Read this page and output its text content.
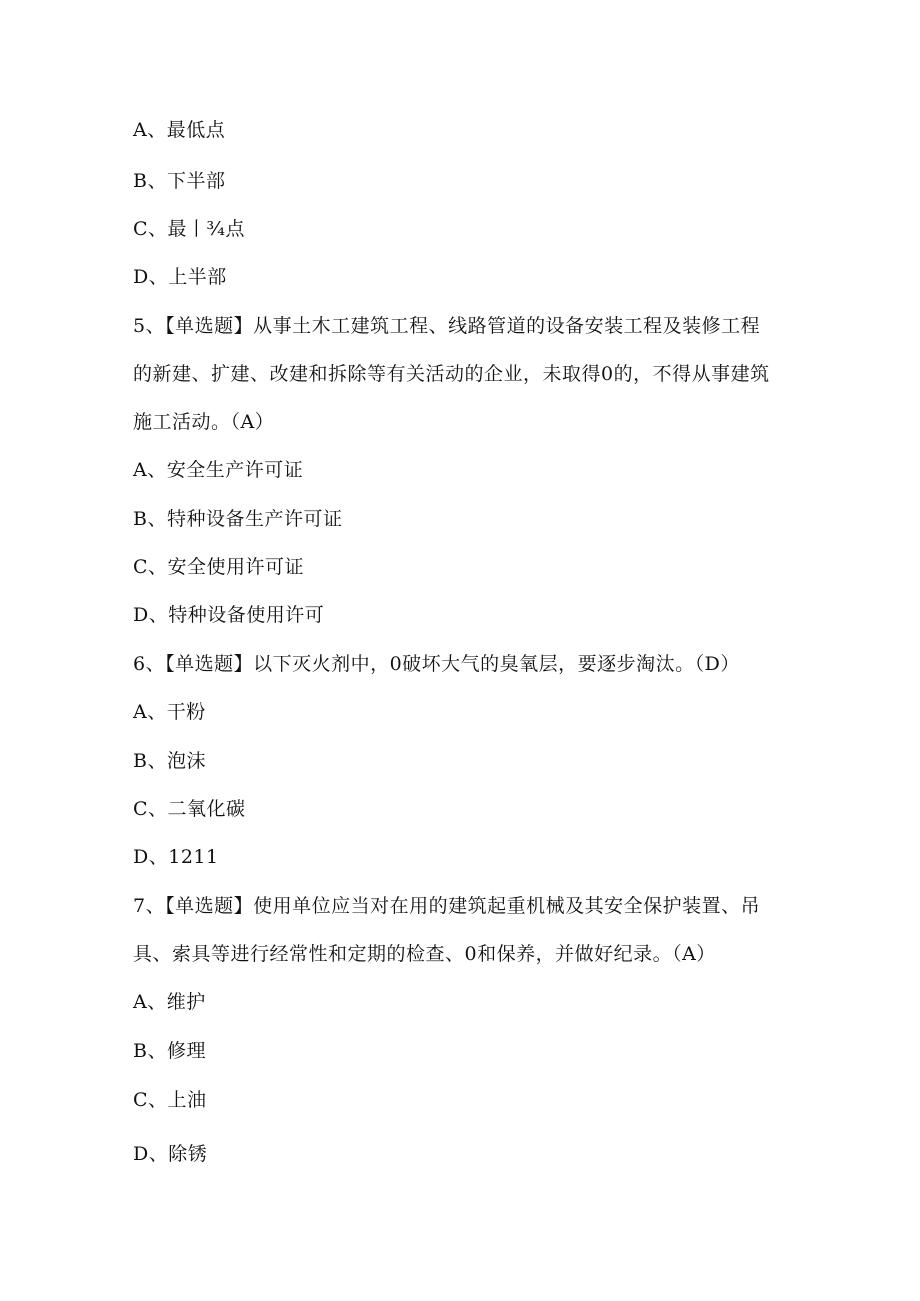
A、最低点
B、下半部
C、最丨¾点
D、上半部
5、【单选题】从事土木工建筑工程、线路管道的设备安装工程及装修工程
的新建、扩建、改建和拆除等有关活动的企业，未取得0的，不得从事建筑
施工活动。（A）
A、安全生产许可证
B、特种设备生产许可证
C、安全使用许可证
D、特种设备使用许可
6、【单选题】以下灭火剂中，0破坏大气的臭氧层，要逐步淘汰。（D）
A、干粉
B、泡沫
C、二氧化碳
D、1211
7、【单选题】使用单位应当对在用的建筑起重机械及其安全保护装置、吊
具、索具等进行经常性和定期的检查、0和保养，并做好纪录。（A）
A、维护
B、修理
C、上油
D、除锈
